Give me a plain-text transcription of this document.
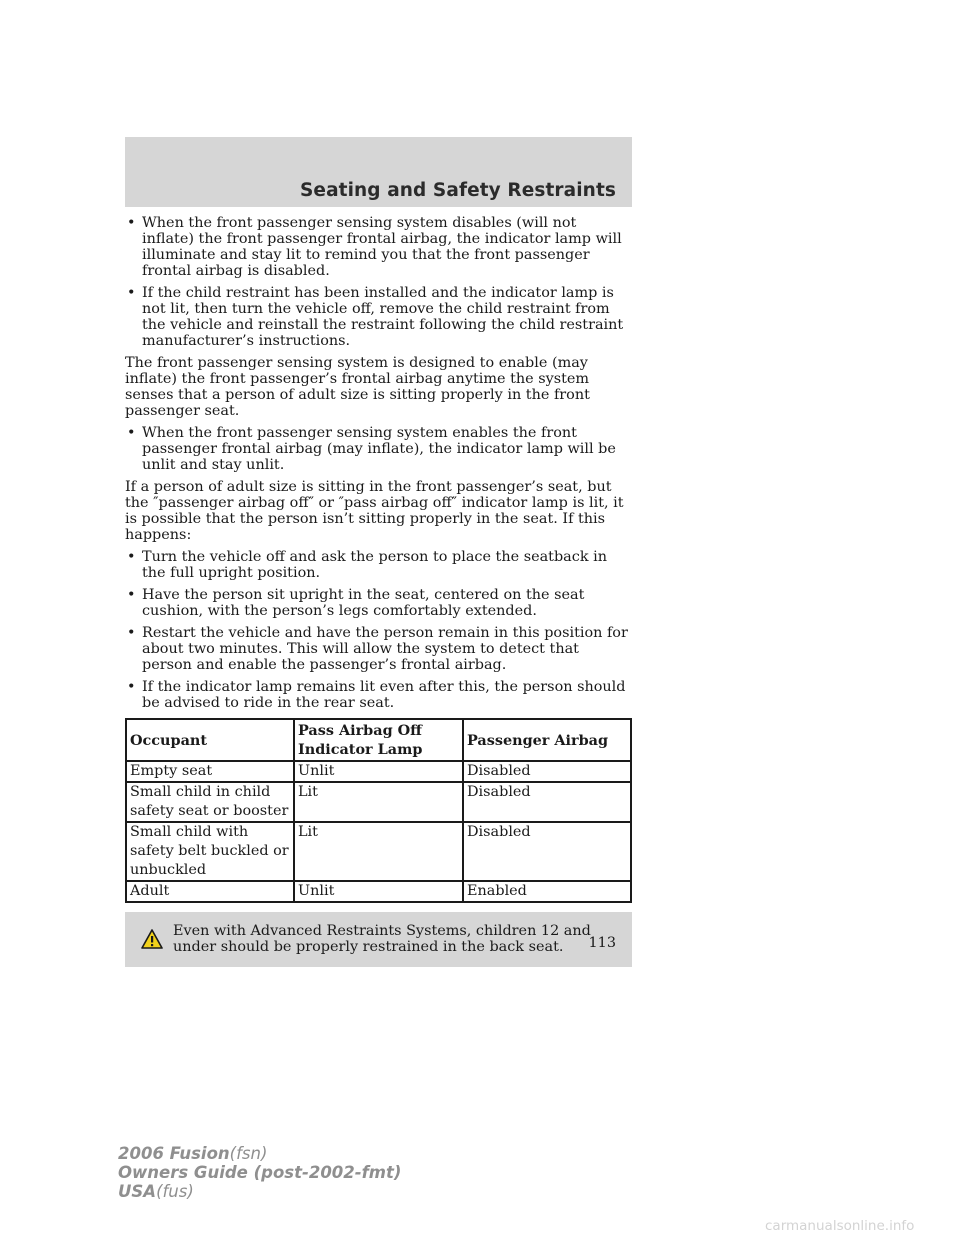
Seating and Safety Restraints
• When the front passenger sensing system disables (will not inflate) the front passenger frontal airbag, the indicator lamp will illuminate and stay lit to remind you that the front passenger frontal airbag is disabled.
• If the child restraint has been installed and the indicator lamp is not lit, then turn the vehicle off, remove the child restraint from the vehicle and reinstall the restraint following the child restraint manufacturer’s instructions.

The front passenger sensing system is designed to enable (may inflate) the front passenger’s frontal airbag anytime the system senses that a person of adult size is sitting properly in the front passenger seat.

• When the front passenger sensing system enables the front passenger frontal airbag (may inflate), the indicator lamp will be unlit and stay unlit.

If a person of adult size is sitting in the front passenger’s seat, but the ″passenger airbag off″ or ″pass airbag off″ indicator lamp is lit, it is possible that the person isn’t sitting properly in the seat. If this happens:

• Turn the vehicle off and ask the person to place the seatback in the full upright position.
• Have the person sit upright in the seat, centered on the seat cushion, with the person’s legs comfortably extended.
• Restart the vehicle and have the person remain in this position for about two minutes. This will allow the system to detect that person and enable the passenger’s frontal airbag.
• If the indicator lamp remains lit even after this, the person should be advised to ride in the rear seat.
Occupant	Pass Airbag Off Indicator Lamp	Passenger Airbag
Empty seat	Unlit	Disabled
Small child in child safety seat or booster	Lit	Disabled
Small child with safety belt buckled or unbuckled	Lit	Disabled
Adult	Unlit	Enabled
Even with Advanced Restraints Systems, children 12 and under should be properly restrained in the back seat.	113
2006 Fusion(fsn)
Owners Guide (post-2002-fmt)
USA(fus)
carmanualsonline.info
